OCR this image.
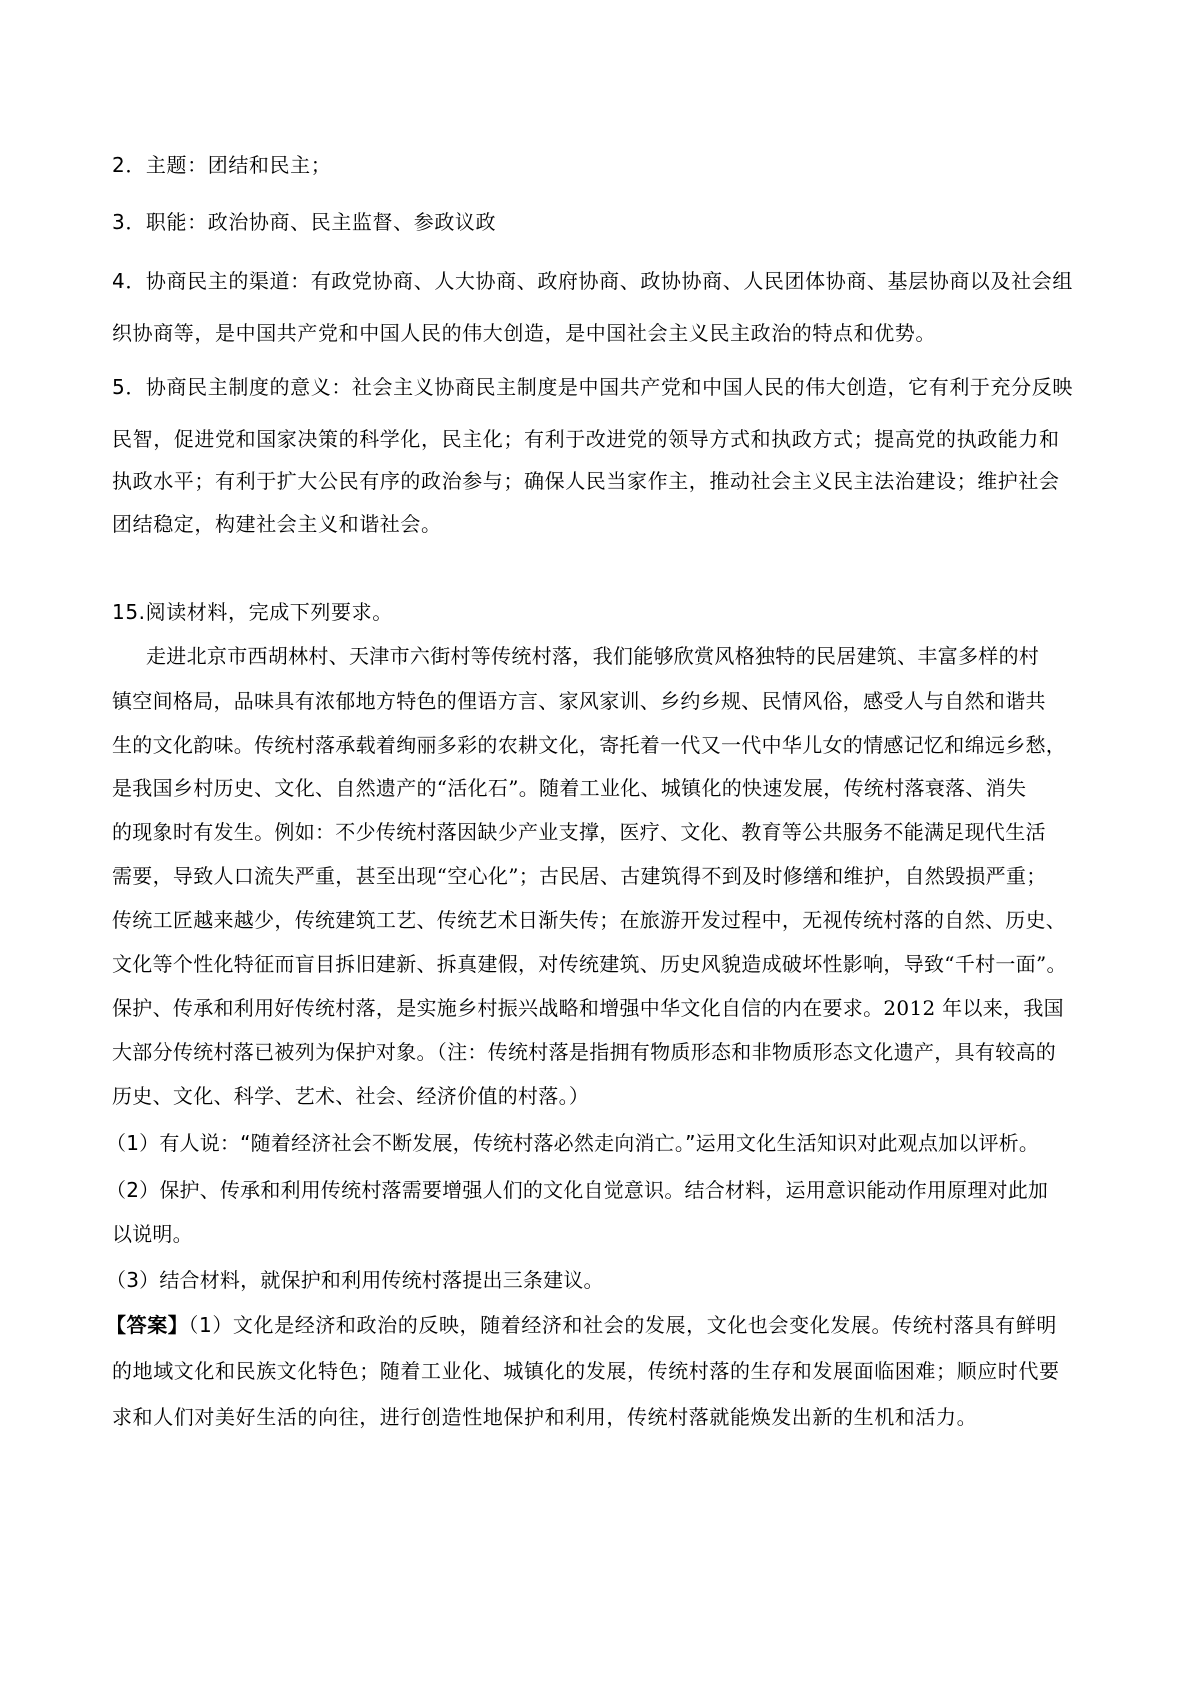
2．主题：团结和民主；
3．职能：政治协商、民主监督、参政议政
4．协商民主的渠道：有政党协商、人大协商、政府协商、政协协商、人民团体协商、基层协商以及社会组
织协商等，是中国共产党和中国人民的伟大创造，是中国社会主义民主政治的特点和优势。
5．协商民主制度的意义：社会主义协商民主制度是中国共产党和中国人民的伟大创造，它有利于充分反映
民智，促进党和国家决策的科学化，民主化；有利于改进党的领导方式和执政方式；提高党的执政能力和
执政水平；有利于扩大公民有序的政治参与；确保人民当家作主，推动社会主义民主法治建设；维护社会
团结稳定，构建社会主义和谐社会。
15.阅读材料，完成下列要求。
走进北京市西胡林村、天津市六街村等传统村落，我们能够欣赏风格独特的民居建筑、丰富多样的村
镇空间格局，品味具有浓郁地方特色的俚语方言、家风家训、乡约乡规、民情风俗，感受人与自然和谐共
生的文化韵味。传统村落承载着绚丽多彩的农耕文化，寄托着一代又一代中华儿女的情感记忆和绵远乡愁，
是我国乡村历史、文化、自然遗产的“活化石”。随着工业化、城镇化的快速发展，传统村落衰落、消失
的现象时有发生。例如：不少传统村落因缺少产业支撑，医疗、文化、教育等公共服务不能满足现代生活
需要，导致人口流失严重，甚至出现“空心化”；古民居、古建筑得不到及时修缮和维护，自然毁损严重；
传统工匠越来越少，传统建筑工艺、传统艺术日渐失传；在旅游开发过程中，无视传统村落的自然、历史、
文化等个性化特征而盲目拆旧建新、拆真建假，对传统建筑、历史风貌造成破坏性影响，导致“千村一面”。
保护、传承和利用好传统村落，是实施乡村振兴战略和增强中华文化自信的内在要求。2012 年以来，我国
大部分传统村落已被列为保护对象。（注：传统村落是指拥有物质形态和非物质形态文化遗产，具有较高的
历史、文化、科学、艺术、社会、经济价值的村落。）
（1）有人说：“随着经济社会不断发展，传统村落必然走向消亡。”运用文化生活知识对此观点加以评析。
（2）保护、传承和利用传统村落需要增强人们的文化自觉意识。结合材料，运用意识能动作用原理对此加
以说明。
（3）结合材料，就保护和利用传统村落提出三条建议。
【答案】（1）文化是经济和政治的反映，随着经济和社会的发展，文化也会变化发展。传统村落具有鲜明
的地域文化和民族文化特色；随着工业化、城镇化的发展，传统村落的生存和发展面临困难；顺应时代要
求和人们对美好生活的向往，进行创造性地保护和利用，传统村落就能焕发出新的生机和活力。
